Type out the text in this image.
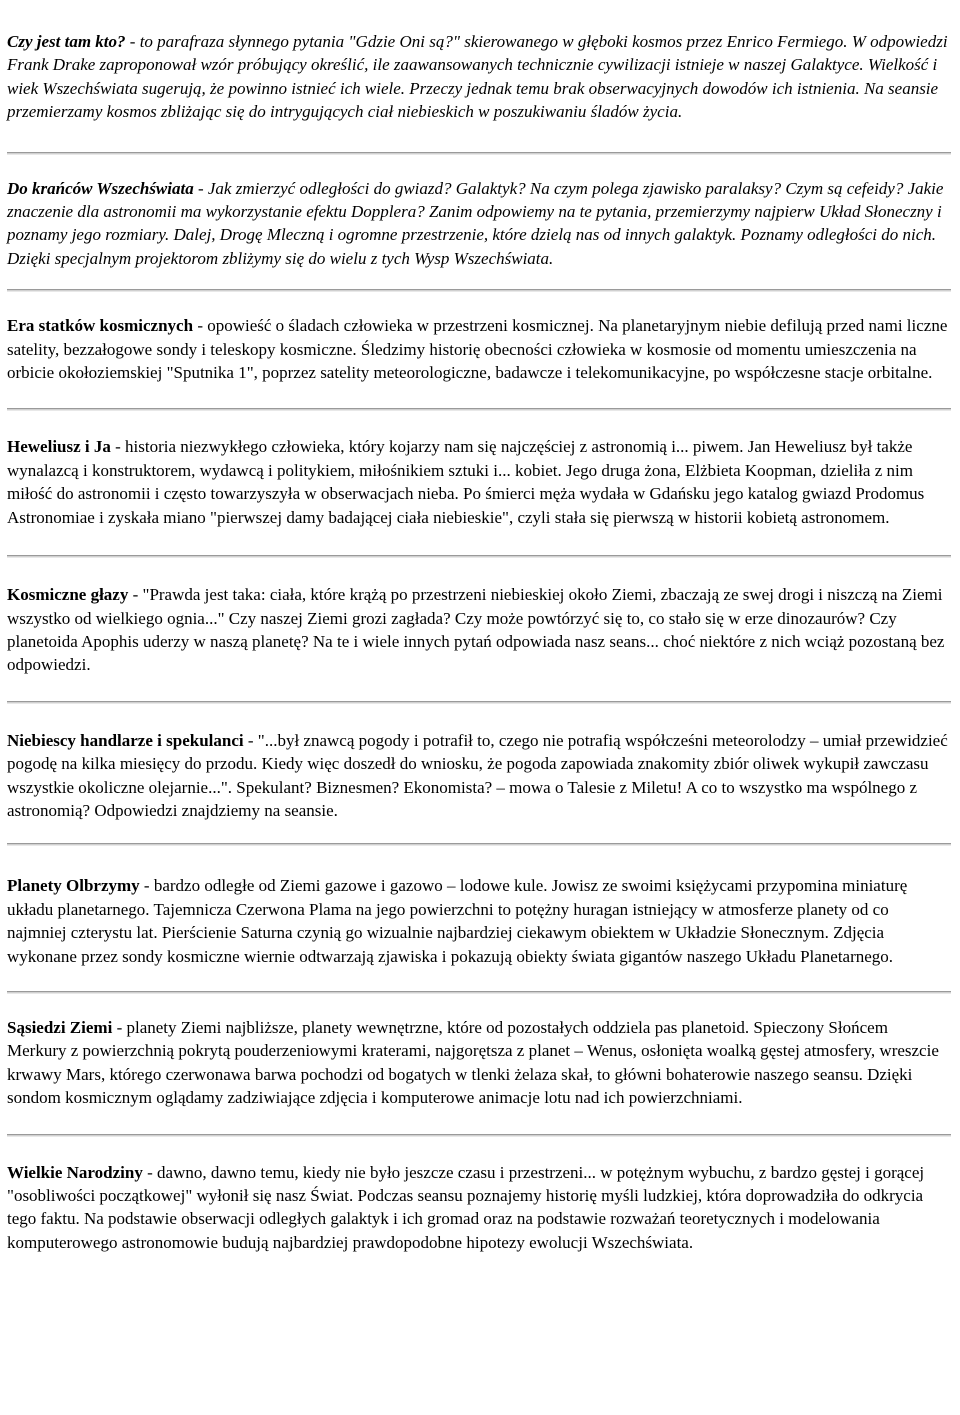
Czy jest tam kto? - to parafraza słynnego pytania "Gdzie Oni są?" skierowanego w głęboki kosmos przez Enrico Fermiego. W odpowiedzi Frank Drake zaproponował wzór próbujący określić, ile zaawansowanych technicznie cywilizacji istnieje w naszej Galaktyce. Wielkość i wiek Wszechświata sugerują, że powinno istnieć ich wiele. Przeczy jednak temu brak obserwacyjnych dowodów ich istnienia. Na seansie przemierzamy kosmos zbliżając się do intrygujących ciał niebieskich w poszukiwaniu śladów życia.

Do krańców Wszechświata - Jak zmierzyć odległości do gwiazd? Galaktyk? Na czym polega zjawisko paralaksy? Czym są cefeidy? Jakie znaczenie dla astronomii ma wykorzystanie efektu Dopplera? Zanim odpowiemy na te pytania, przemierzymy najpierw Układ Słoneczny i poznamy jego rozmiary. Dalej, Drogę Mleczną i ogromne przestrzenie, które dzielą nas od innych galaktyk. Poznamy odległości do nich. Dzięki specjalnym projektorom zbliżymy się do wielu z tych Wysp Wszechświata.

Era statków kosmicznych - opowieść o śladach człowieka w przestrzeni kosmicznej. Na planetaryjnym niebie defilują przed nami liczne satelity, bezzałogowe sondy i teleskopy kosmiczne. Śledzimy historię obecności człowieka w kosmosie od momentu umieszczenia na orbicie okołoziemskiej "Sputnika 1", poprzez satelity meteorologiczne, badawcze i telekomunikacyjne, po współczesne stacje orbitalne.

Heweliusz i Ja - historia niezwykłego człowieka, który kojarzy nam się najczęściej z astronomią i... piwem. Jan Heweliusz był także wynalazcą i konstruktorem, wydawcą i politykiem, miłośnikiem sztuki i... kobiet. Jego druga żona, Elżbieta Koopman, dzieliła z nim miłość do astronomii i często towarzyszyła w obserwacjach nieba. Po śmierci męża wydała w Gdańsku jego katalog gwiazd Prodomus Astronomiae i zyskała miano "pierwszej damy badającej ciała niebieskie", czyli stała się pierwszą w historii kobietą astronomem.

Kosmiczne głazy - "Prawda jest taka: ciała, które krążą po przestrzeni niebieskiej około Ziemi, zbaczają ze swej drogi i niszczą na Ziemi wszystko od wielkiego ognia..." Czy naszej Ziemi grozi zagłada? Czy może powtórzyć się to, co stało się w erze dinozaurów? Czy planetoida Apophis uderzy w naszą planetę? Na te i wiele innych pytań odpowiada nasz seans... choć niektóre z nich wciąż pozostaną bez odpowiedzi.

Niebiescy handlarze i spekulanci - "...był znawcą pogody i potrafił to, czego nie potrafią współcześni meteorolodzy – umiał przewidzieć pogodę na kilka miesięcy do przodu. Kiedy więc doszedł do wniosku, że pogoda zapowiada znakomity zbiór oliwek wykupił zawczasu wszystkie okoliczne olejarnie...". Spekulant? Biznesmen? Ekonomista? – mowa o Talesie z Miletu! A co to wszystko ma wspólnego z astronomią? Odpowiedzi znajdziemy na seansie.

Planety Olbrzymy - bardzo odległe od Ziemi gazowe i gazowo – lodowe kule. Jowisz ze swoimi księżycami przypomina miniaturę układu planetarnego. Tajemnicza Czerwona Plama na jego powierzchni to potężny huragan istniejący w atmosferze planety od co najmniej czterystu lat. Pierścienie Saturna czynią go wizualnie najbardziej ciekawym obiektem w Układzie Słonecznym. Zdjęcia wykonane przez sondy kosmiczne wiernie odtwarzają zjawiska i pokazują obiekty świata gigantów naszego Układu Planetarnego.

Sąsiedzi Ziemi - planety Ziemi najbliższe, planety wewnętrzne, które od pozostałych oddziela pas planetoid. Spieczony Słońcem Merkury z powierzchnią pokrytą pouderzeniowymi kraterami, najgorętsza z planet – Wenus, osłonięta woalką gęstej atmosfery, wreszcie krwawy Mars, którego czerwonawa barwa pochodzi od bogatych w tlenki żelaza skał, to główni bohaterowie naszego seansu. Dzięki sondom kosmicznym oglądamy zadziwiające zdjęcia i komputerowe animacje lotu nad ich powierzchniami.

Wielkie Narodziny - dawno, dawno temu, kiedy nie było jeszcze czasu i przestrzeni... w potężnym wybuchu, z bardzo gęstej i gorącej "osobliwości początkowej" wyłonił się nasz Świat. Podczas seansu poznajemy historię myśli ludzkiej, która doprowadziła do odkrycia tego faktu. Na podstawie obserwacji odległych galaktyk i ich gromad oraz na podstawie rozważań teoretycznych i modelowania komputerowego astronomowie budują najbardziej prawdopodobne hipotezy ewolucji Wszechświata.
